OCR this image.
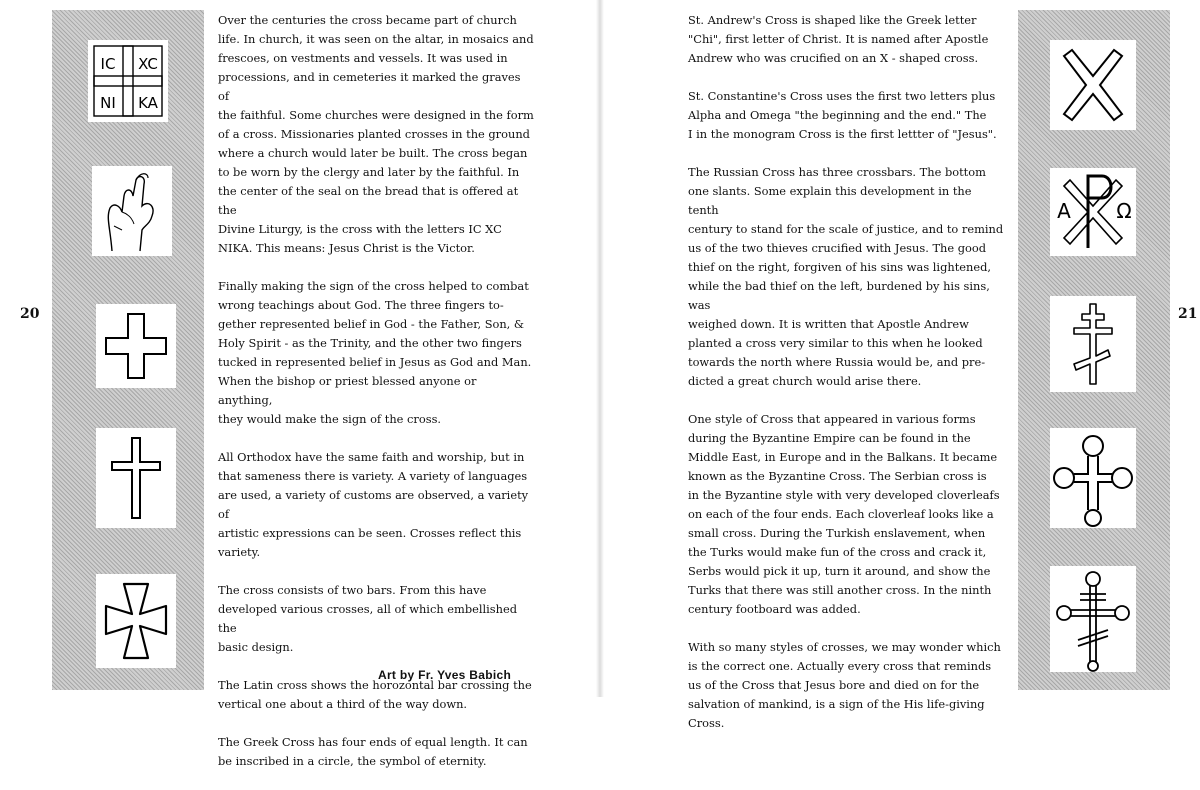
IC XC
NI KA
20

Over the centuries the cross became part of church
life. In church, it was seen on the altar, in mosaics and
frescoes, on vestments and vessels. It was used in
processions, and in cemeteries it marked the graves of
the faithful. Some churches were designed in the form
of a cross. Missionaries planted crosses in the ground
where a church would later be built. The cross began
to be worn by the clergy and later by the faithful. In
the center of the seal on the bread that is offered at the
Divine Liturgy, is the cross with the letters IC XC
NIKA. This means: Jesus Christ is the Victor.

Finally making the sign of the cross helped to combat
wrong teachings about God. The three fingers to-
gether represented belief in God - the Father, Son, &
Holy Spirit - as the Trinity, and the other two fingers
tucked in represented belief in Jesus as God and Man.
When the bishop or priest blessed anyone or anything,
they would make the sign of the cross.

All Orthodox have the same faith and worship, but in
that sameness there is variety. A variety of languages
are used, a variety of customs are observed, a variety of
artistic expressions can be seen. Crosses reflect this
variety.

The cross consists of two bars. From this have
developed various crosses, all of which embellished the
basic design.

The Latin cross shows the horozontal bar crossing the
vertical one about a third of the way down.

The Greek Cross has four ends of equal length. It can
be inscribed in a circle, the symbol of eternity.

Art by Fr. Yves Babich
A Ω
21

St. Andrew's Cross is shaped like the Greek letter
"Chi", first letter of Christ. It is named after Apostle
Andrew who was crucified on an X - shaped cross.

St. Constantine's Cross uses the first two letters plus
Alpha and Omega "the beginning and the end." The
I in the monogram Cross is the first lettter of "Jesus".

The Russian Cross has three crossbars. The bottom
one slants. Some explain this development in the tenth
century to stand for the scale of justice, and to remind
us of the two thieves crucified with Jesus. The good
thief on the right, forgiven of his sins was lightened,
while the bad thief on the left, burdened by his sins, was
weighed down. It is written that Apostle Andrew
planted a cross very similar to this when he looked
towards the north where Russia would be, and pre-
dicted a great church would arise there.

One style of Cross that appeared in various forms
during the Byzantine Empire can be found in the
Middle East, in Europe and in the Balkans. It became
known as the Byzantine Cross. The Serbian cross is
in the Byzantine style with very developed cloverleafs
on each of the four ends. Each cloverleaf looks like a
small cross. During the Turkish enslavement, when
the Turks would make fun of the cross and crack it,
Serbs would pick it up, turn it around, and show the
Turks that there was still another cross. In the ninth
century footboard was added.

With so many styles of crosses, we may wonder which
is the correct one. Actually every cross that reminds
us of the Cross that Jesus bore and died on for the
salvation of mankind, is a sign of the His life-giving
Cross.
